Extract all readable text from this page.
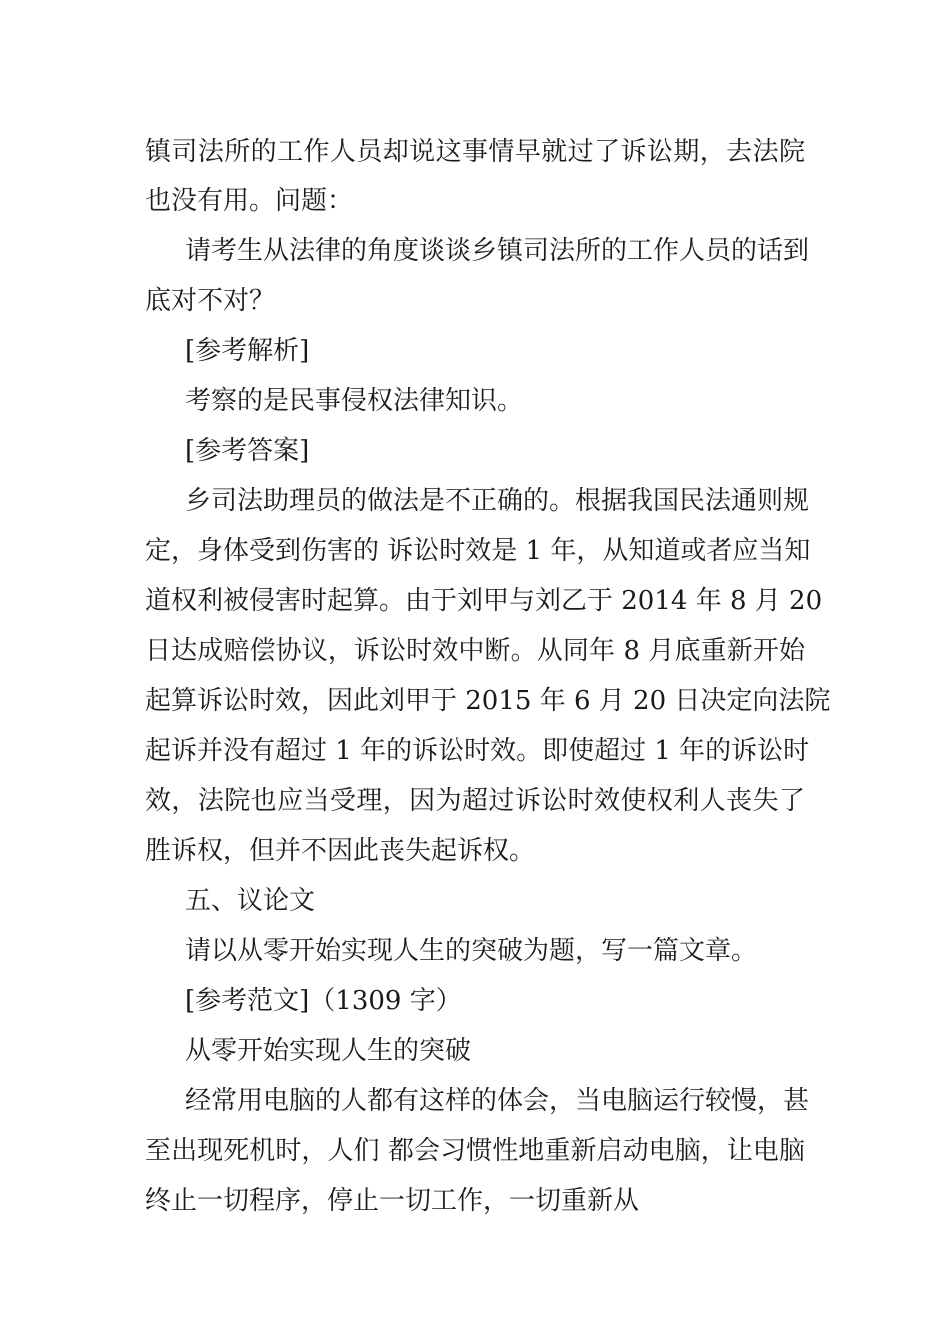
镇司法所的工作人员却说这事情早就过了诉讼期，去法院
也没有用。问题：
请考生从法律的角度谈谈乡镇司法所的工作人员的话到
底对不对？
[参考解析]
考察的是民事侵权法律知识。
[参考答案]
乡司法助理员的做法是不正确的。根据我国民法通则规
定，身体受到伤害的 诉讼时效是 1 年，从知道或者应当知
道权利被侵害时起算。由于刘甲与刘乙于 2014 年 8 月 20
日达成赔偿协议，诉讼时效中断。从同年 8 月底重新开始
起算诉讼时效，因此刘甲于 2015 年 6 月 20 日决定向法院
起诉并没有超过 1 年的诉讼时效。即使超过 1 年的诉讼时
效，法院也应当受理，因为超过诉讼时效使权利人丧失了
胜诉权，但并不因此丧失起诉权。
五、议论文
请以从零开始实现人生的突破为题，写一篇文章。
[参考范文]（1309 字）
从零开始实现人生的突破
经常用电脑的人都有这样的体会，当电脑运行较慢，甚
至出现死机时，人们 都会习惯性地重新启动电脑，让电脑
终止一切程序，停止一切工作，一切重新从
